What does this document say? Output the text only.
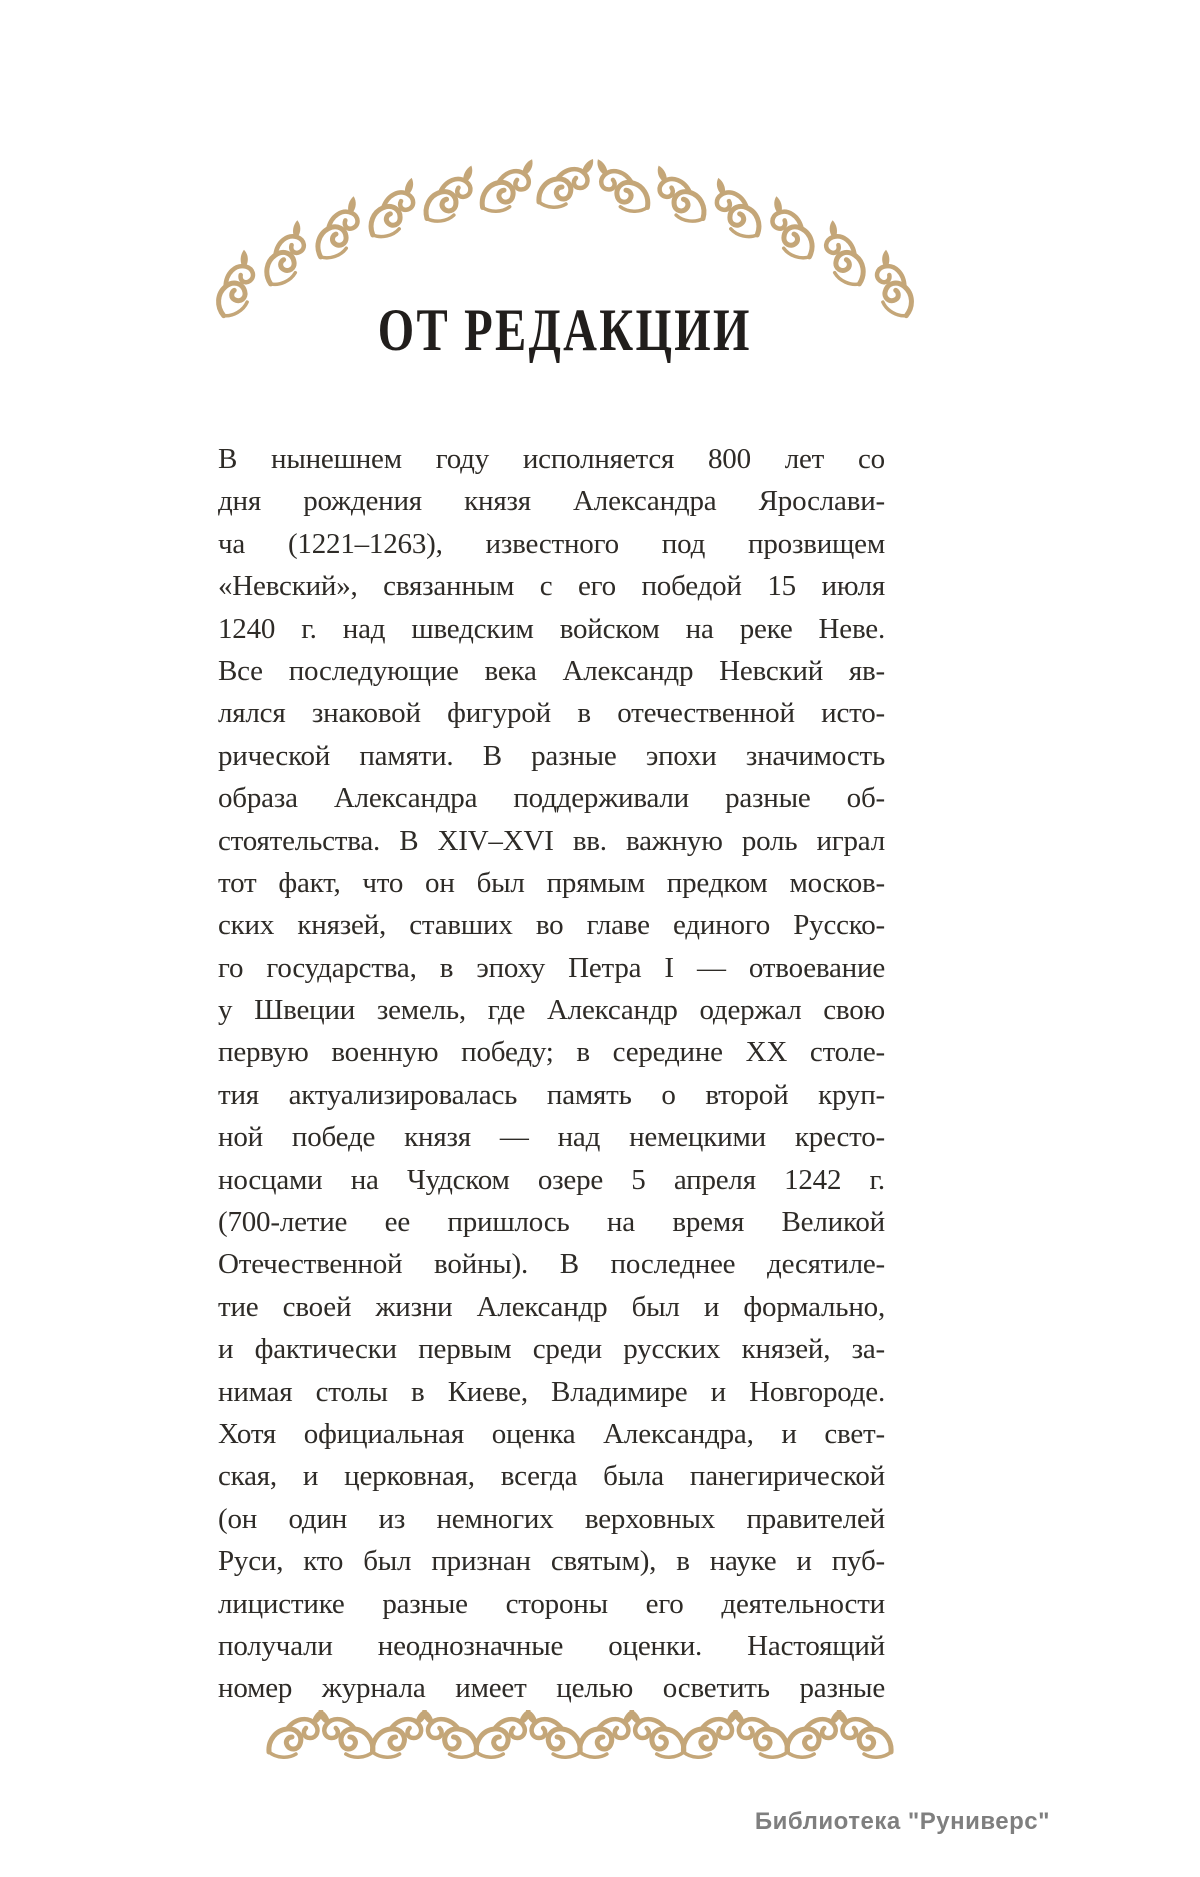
ОТ РЕДАКЦИИ
В нынешнем году исполняется 800 лет со
дня рождения князя Александра Ярослави-
ча (1221–1263), известного под прозвищем
«Невский», связанным с его победой 15 июля
1240 г. над шведским войском на реке Неве.
Все последующие века Александр Невский яв-
лялся знаковой фигурой в отечественной исто-
рической памяти. В разные эпохи значимость
образа Александра поддерживали разные об-
стоятельства. В XIV–XVI вв. важную роль играл
тот факт, что он был прямым предком москов-
ских князей, ставших во главе единого Русско-
го государства, в эпоху Петра I — отвоевание
у Швеции земель, где Александр одержал свою
первую военную победу; в середине XX столе-
тия актуализировалась память о второй круп-
ной победе князя — над немецкими кресто-
носцами на Чудском озере 5 апреля 1242 г.
(700-летие ее пришлось на время Великой
Отечественной войны). В последнее десятиле-
тие своей жизни Александр был и формально,
и фактически первым среди русских князей, за-
нимая столы в Киеве, Владимире и Новгороде.
Хотя официальная оценка Александра, и свет-
ская, и церковная, всегда была панегирической
(он один из немногих верховных правителей
Руси, кто был признан святым), в науке и пуб-
лицистике разные стороны его деятельности
получали неоднозначные оценки. Настоящий
номер журнала имеет целью осветить разные
Библиотека "Руниверс"
